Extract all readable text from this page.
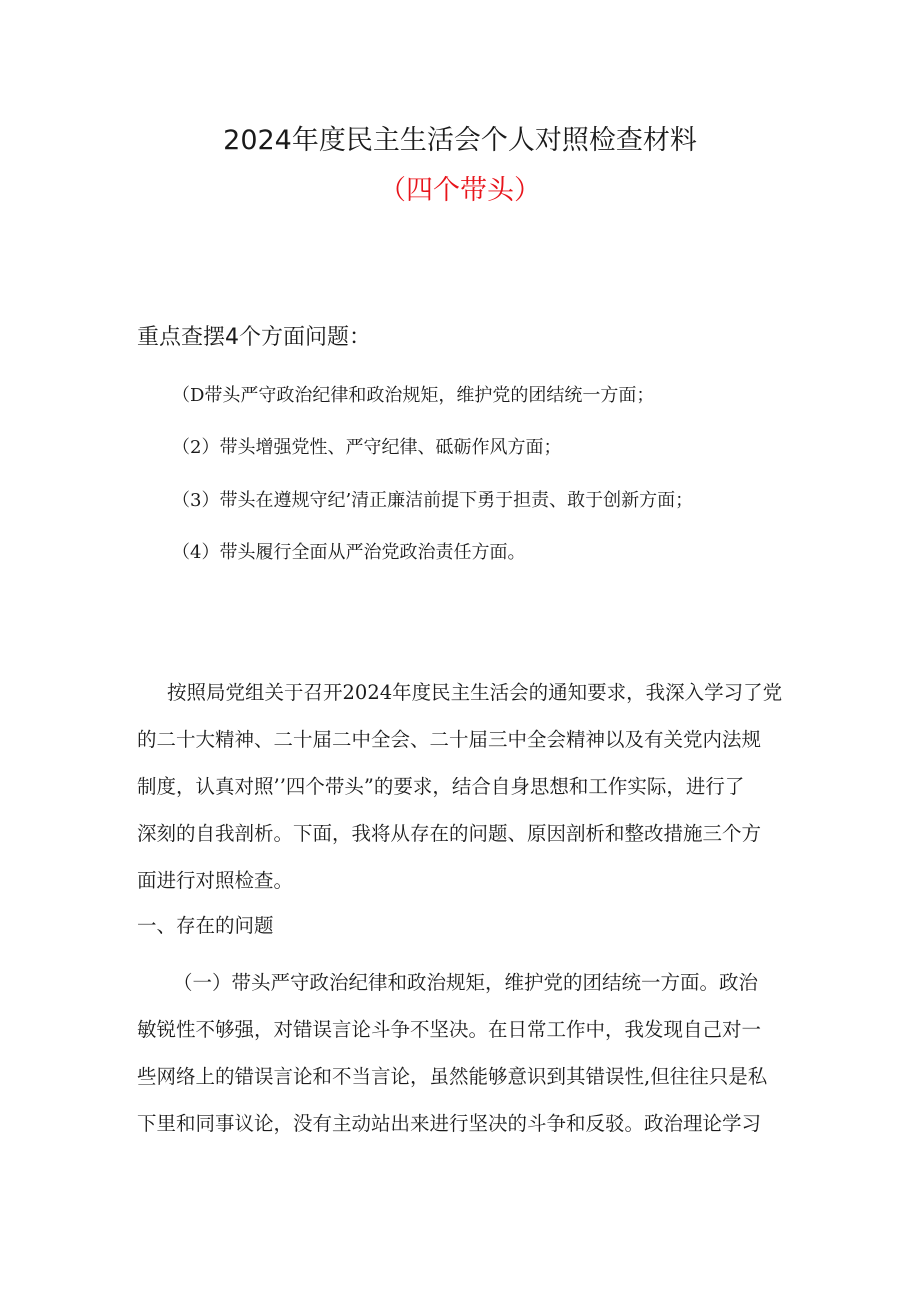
2024年度民主生活会个人对照检查材料
（四个带头）
重点查摆4个方面问题：
（D带头严守政治纪律和政治规矩，维护党的团结统一方面；
（2）带头增强党性、严守纪律、砥砺作风方面；
（3）带头在遵规守纪’清正廉洁前提下勇于担责、敢于创新方面；
（4）带头履行全面从严治党政治责任方面。
按照局党组关于召开2024年度民主生活会的通知要求，我深入学习了党
的二十大精神、二十届二中全会、二十届三中全会精神以及有关党内法规
制度，认真对照’’四个带头”的要求，结合自身思想和工作实际，进行了
深刻的自我剖析。下面，我将从存在的问题、原因剖析和整改措施三个方
面进行对照检查。
一、存在的问题
（一）带头严守政治纪律和政治规矩，维护党的团结统一方面。政治
敏锐性不够强，对错误言论斗争不坚决。在日常工作中，我发现自己对一
些网络上的错误言论和不当言论，虽然能够意识到其错误性,但往往只是私
下里和同事议论，没有主动站出来进行坚决的斗争和反驳。政治理论学习
